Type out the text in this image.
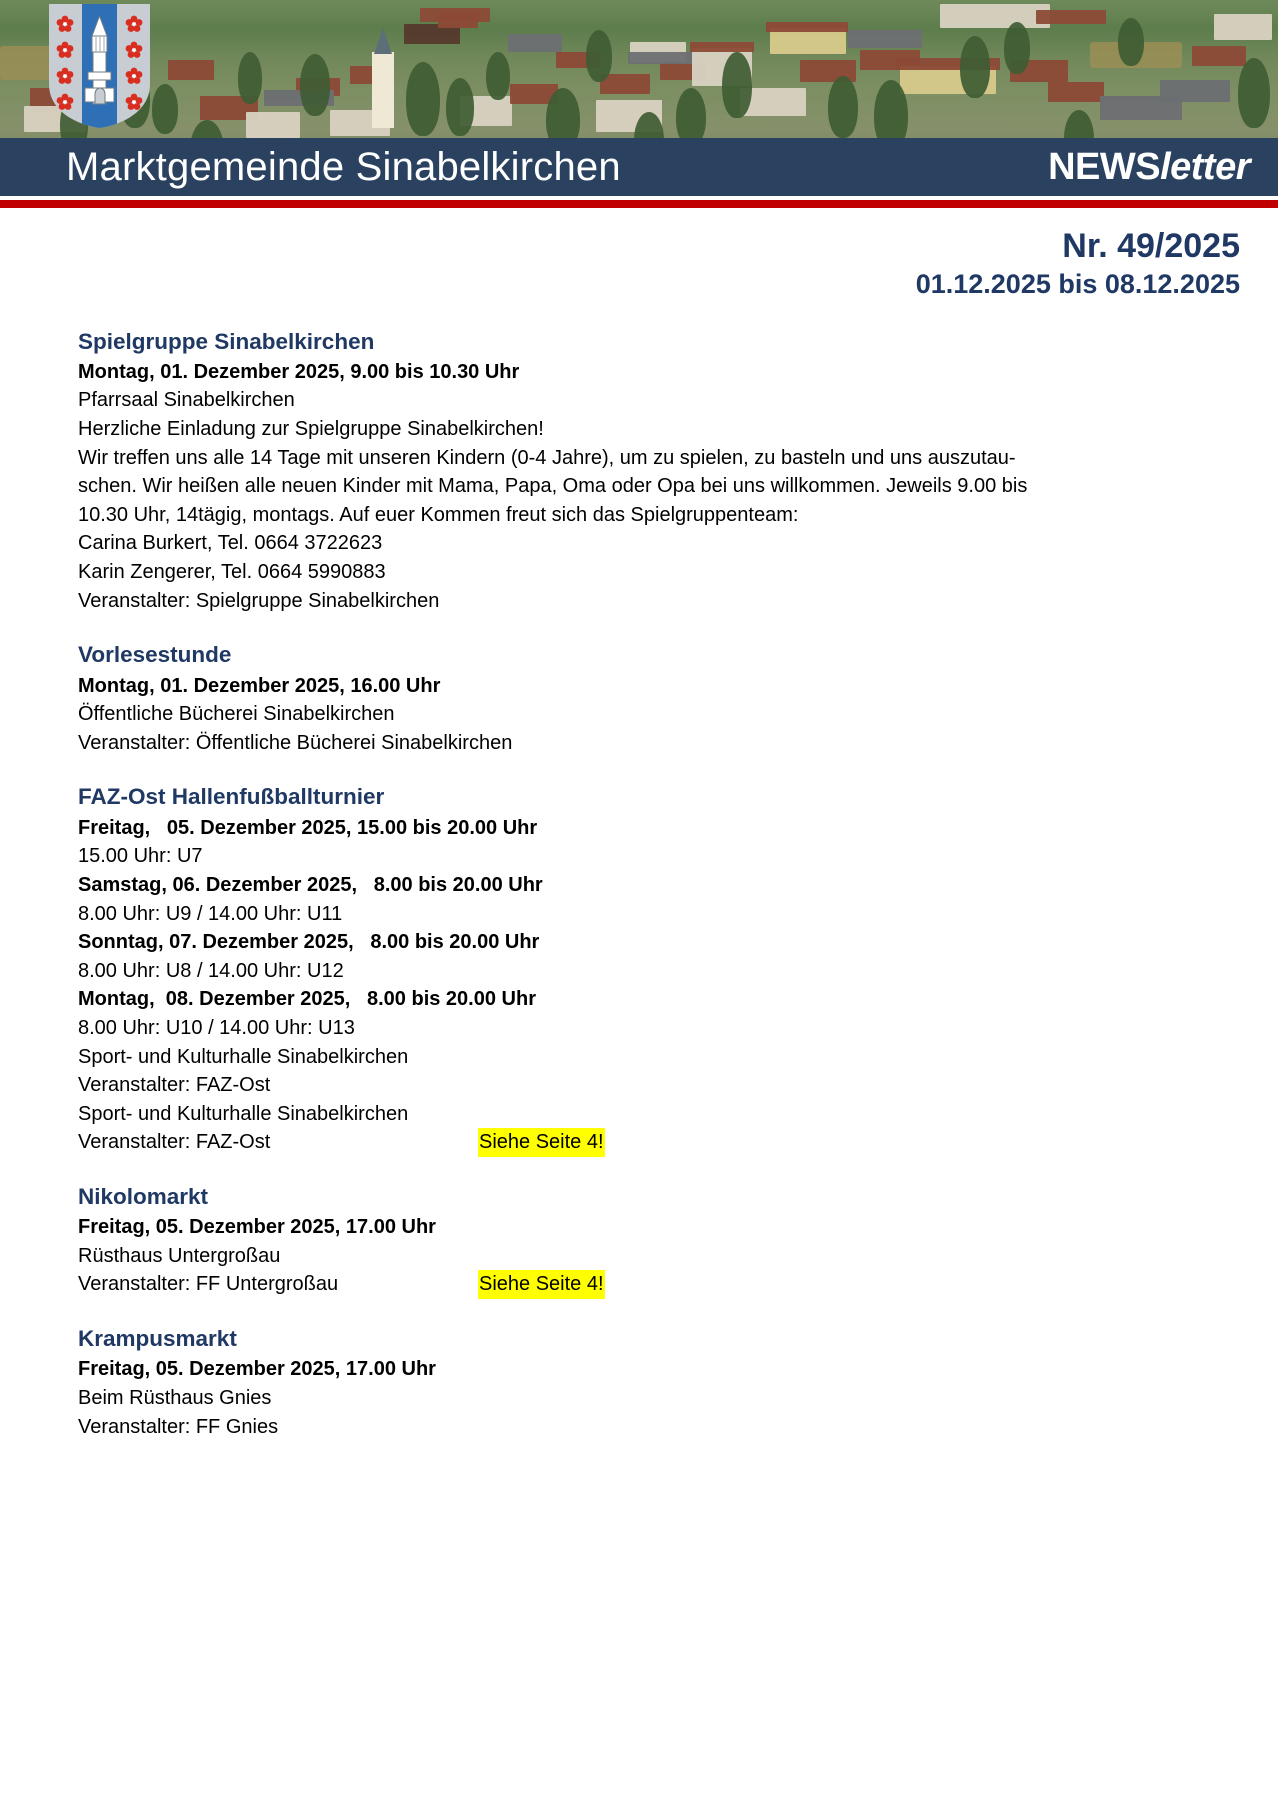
Marktgemeinde Sinabelkirchen	NEWSletter
Nr. 49/2025
01.12.2025 bis 08.12.2025
Spielgruppe Sinabelkirchen
Montag, 01. Dezember 2025, 9.00 bis 10.30 Uhr
Pfarrsaal Sinabelkirchen
Herzliche Einladung zur Spielgruppe Sinabelkirchen!
Wir treffen uns alle 14 Tage mit unseren Kindern (0-4 Jahre), um zu spielen, zu basteln und uns auszutau-
schen. Wir heißen alle neuen Kinder mit Mama, Papa, Oma oder Opa bei uns willkommen. Jeweils 9.00 bis
10.30 Uhr, 14tägig, montags. Auf euer Kommen freut sich das Spielgruppenteam:
Carina Burkert, Tel. 0664 3722623
Karin Zengerer, Tel. 0664 5990883
Veranstalter: Spielgruppe Sinabelkirchen
Vorlesestunde
Montag, 01. Dezember 2025, 16.00 Uhr
Öffentliche Bücherei Sinabelkirchen
Veranstalter: Öffentliche Bücherei Sinabelkirchen
FAZ-Ost Hallenfußballturnier
Freitag,   05. Dezember 2025, 15.00 bis 20.00 Uhr
15.00 Uhr: U7
Samstag, 06. Dezember 2025,   8.00 bis 20.00 Uhr
8.00 Uhr: U9 / 14.00 Uhr: U11
Sonntag, 07. Dezember 2025,   8.00 bis 20.00 Uhr
8.00 Uhr: U8 / 14.00 Uhr: U12
Montag,  08. Dezember 2025,   8.00 bis 20.00 Uhr
8.00 Uhr: U10 / 14.00 Uhr: U13
Sport- und Kulturhalle Sinabelkirchen
Veranstalter: FAZ-Ost
Sport- und Kulturhalle Sinabelkirchen
Veranstalter: FAZ-Ost	Siehe Seite 4!
Nikolomarkt
Freitag, 05. Dezember 2025, 17.00 Uhr
Rüsthaus Untergroßau
Veranstalter: FF Untergroßau	Siehe Seite 4!
Krampusmarkt
Freitag, 05. Dezember 2025, 17.00 Uhr
Beim Rüsthaus Gnies
Veranstalter: FF Gnies
